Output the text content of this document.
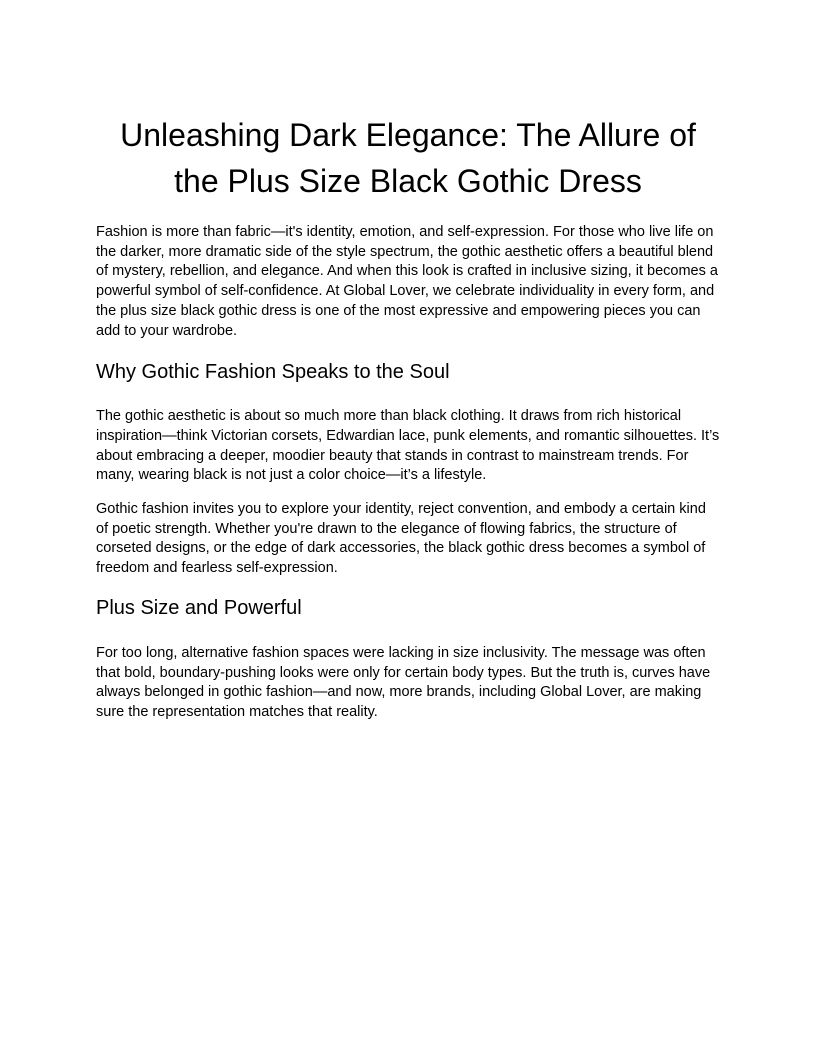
Unleashing Dark Elegance: The Allure of the Plus Size Black Gothic Dress

Fashion is more than fabric—it's identity, emotion, and self-expression. For those who live life on the darker, more dramatic side of the style spectrum, the gothic aesthetic offers a beautiful blend of mystery, rebellion, and elegance. And when this look is crafted in inclusive sizing, it becomes a powerful symbol of self-confidence. At Global Lover, we celebrate individuality in every form, and the plus size black gothic dress is one of the most expressive and empowering pieces you can add to your wardrobe.

Why Gothic Fashion Speaks to the Soul

The gothic aesthetic is about so much more than black clothing. It draws from rich historical inspiration—think Victorian corsets, Edwardian lace, punk elements, and romantic silhouettes. It’s about embracing a deeper, moodier beauty that stands in contrast to mainstream trends. For many, wearing black is not just a color choice—it’s a lifestyle.

Gothic fashion invites you to explore your identity, reject convention, and embody a certain kind of poetic strength. Whether you're drawn to the elegance of flowing fabrics, the structure of corseted designs, or the edge of dark accessories, the black gothic dress becomes a symbol of freedom and fearless self-expression.

Plus Size and Powerful

For too long, alternative fashion spaces were lacking in size inclusivity. The message was often that bold, boundary-pushing looks were only for certain body types. But the truth is, curves have always belonged in gothic fashion—and now, more brands, including Global Lover, are making sure the representation matches that reality.
